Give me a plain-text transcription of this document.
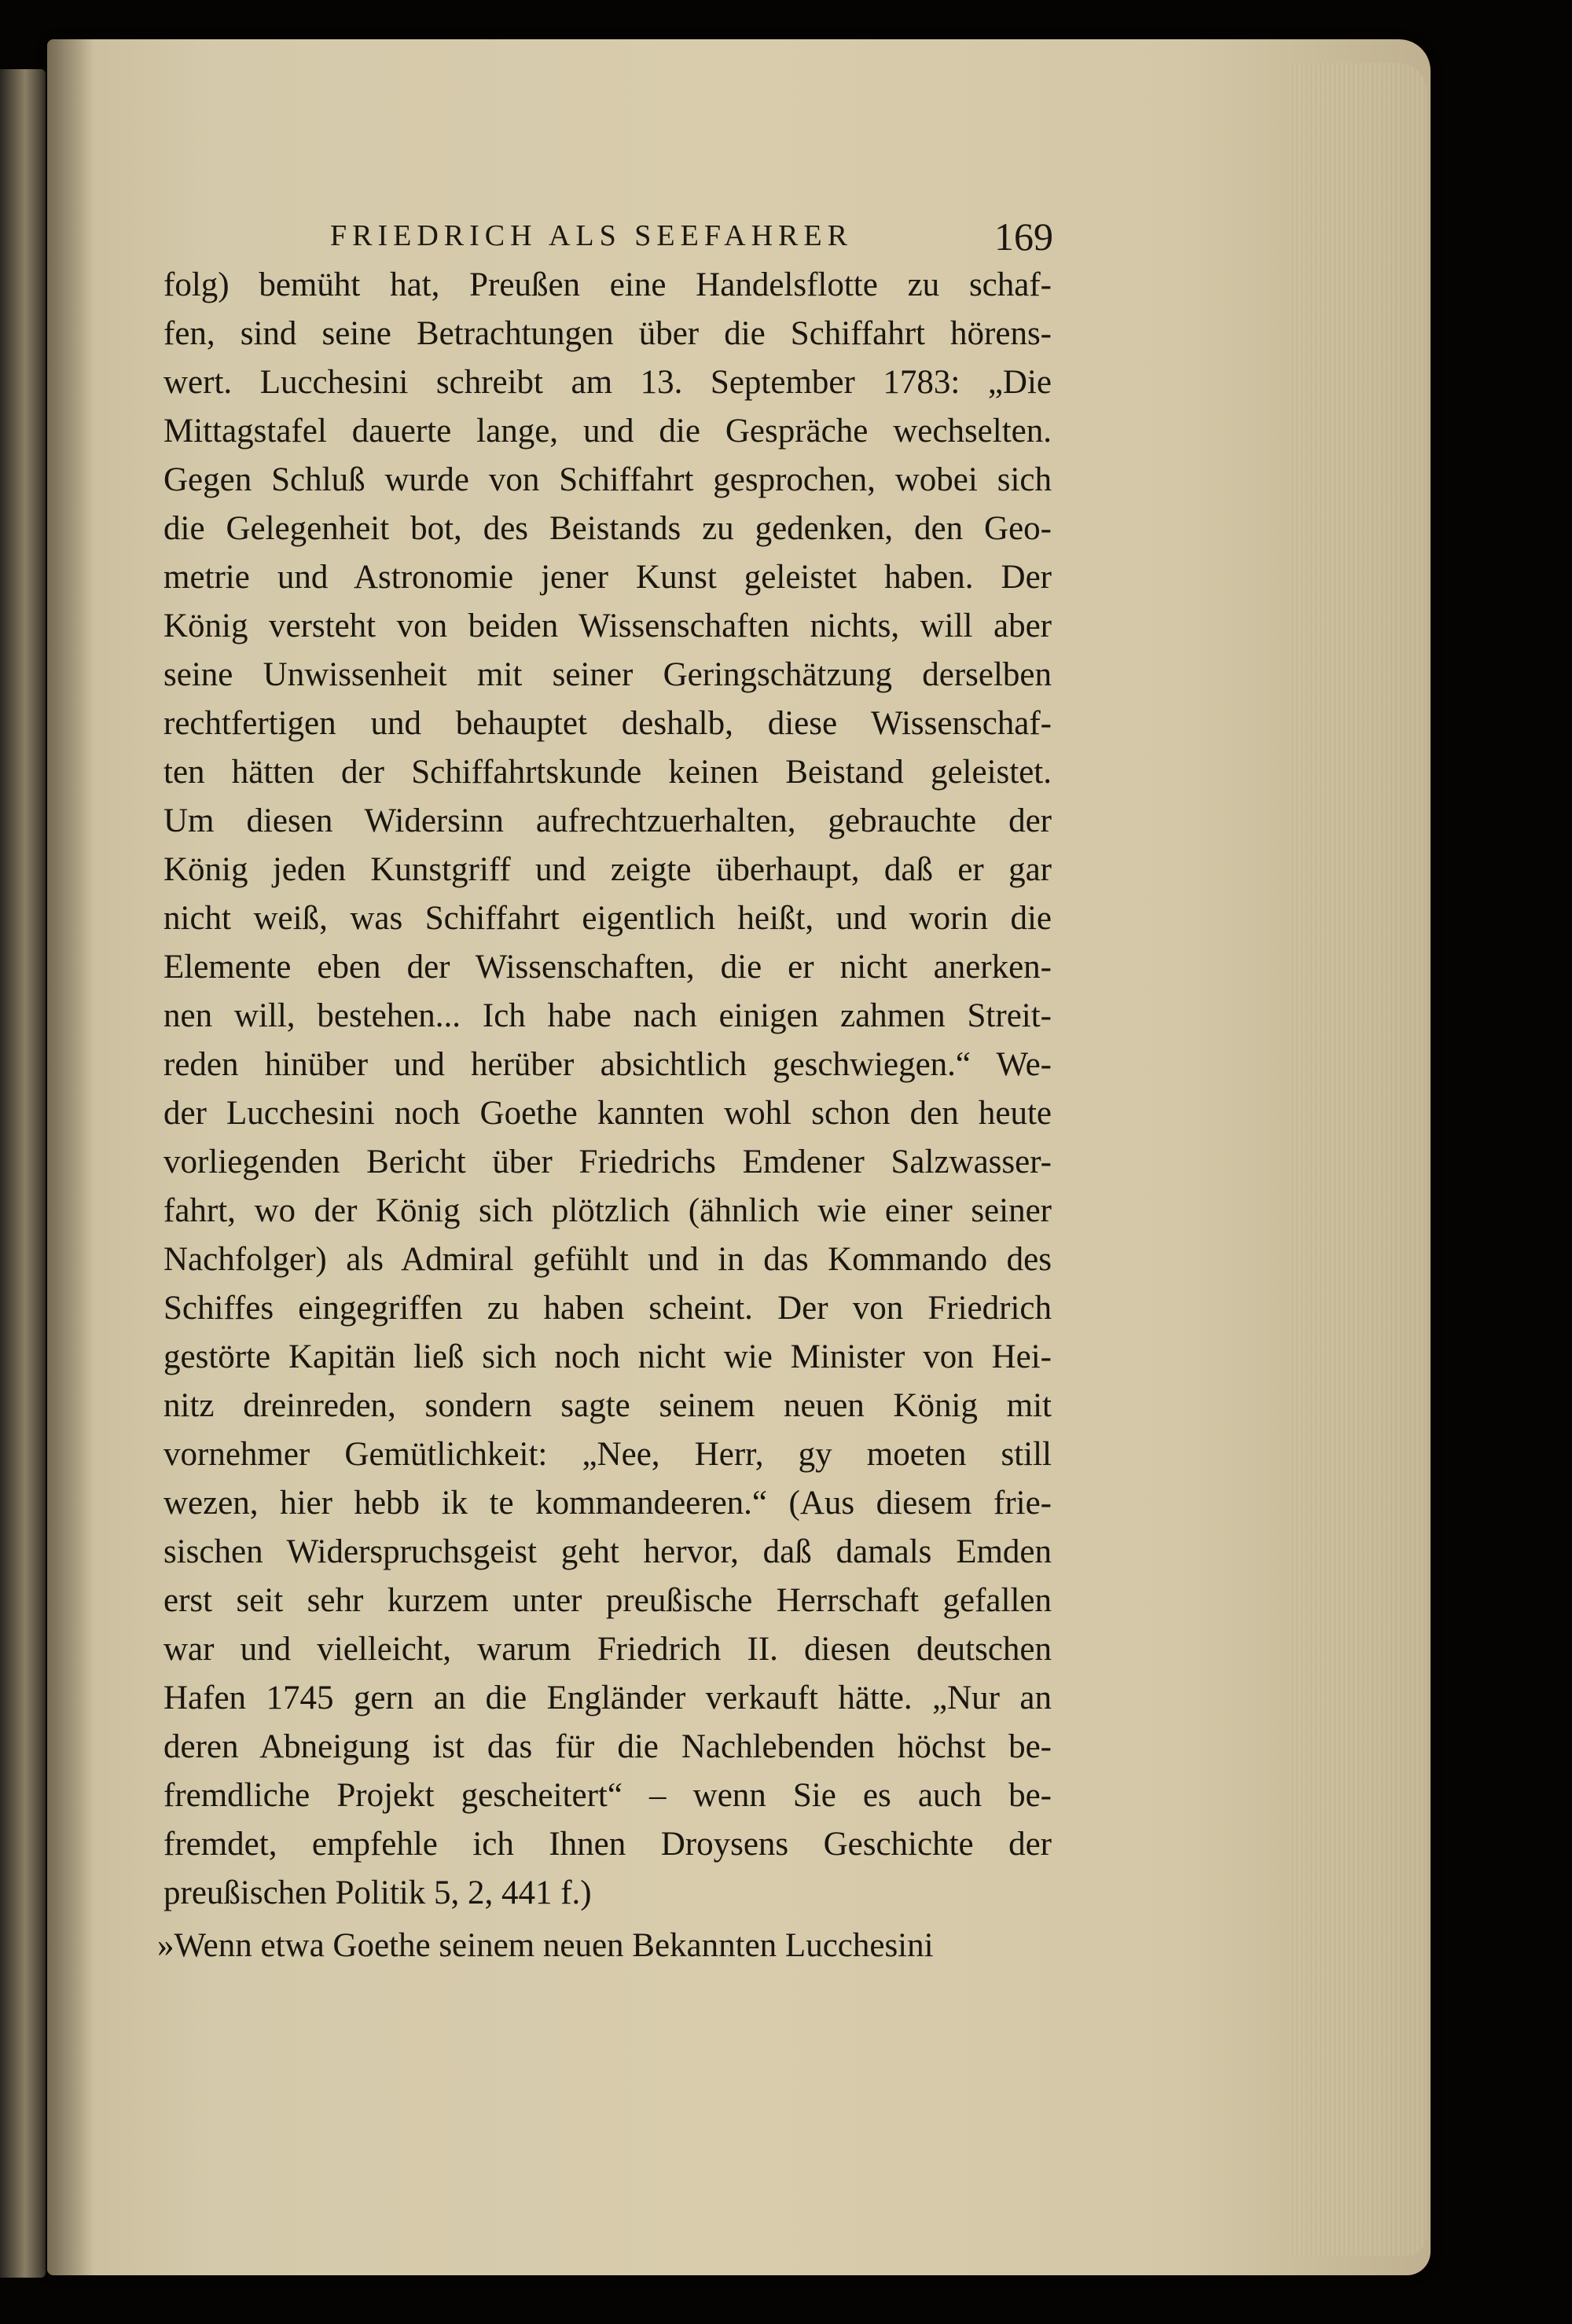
FRIEDRICH ALS SEEFAHRER	169
folg) bemüht hat, Preußen eine Handelsflotte zu schaf-
fen, sind seine Betrachtungen über die Schiffahrt hörens-
wert. Lucchesini schreibt am 13. September 1783: „Die
Mittagstafel dauerte lange, und die Gespräche wechselten.
Gegen Schluß wurde von Schiffahrt gesprochen, wobei sich
die Gelegenheit bot, des Beistands zu gedenken, den Geo-
metrie und Astronomie jener Kunst geleistet haben. Der
König versteht von beiden Wissenschaften nichts, will aber
seine Unwissenheit mit seiner Geringschätzung derselben
rechtfertigen und behauptet deshalb, diese Wissenschaf-
ten hätten der Schiffahrtskunde keinen Beistand geleistet.
Um diesen Widersinn aufrechtzuerhalten, gebrauchte der
König jeden Kunstgriff und zeigte überhaupt, daß er gar
nicht weiß, was Schiffahrt eigentlich heißt, und worin die
Elemente eben der Wissenschaften, die er nicht anerken-
nen will, bestehen... Ich habe nach einigen zahmen Streit-
reden hinüber und herüber absichtlich geschwiegen.“ We-
der Lucchesini noch Goethe kannten wohl schon den heute
vorliegenden Bericht über Friedrichs Emdener Salzwasser-
fahrt, wo der König sich plötzlich (ähnlich wie einer seiner
Nachfolger) als Admiral gefühlt und in das Kommando des
Schiffes eingegriffen zu haben scheint. Der von Friedrich
gestörte Kapitän ließ sich noch nicht wie Minister von Hei-
nitz dreinreden, sondern sagte seinem neuen König mit
vornehmer Gemütlichkeit: „Nee, Herr, gy moeten still
wezen, hier hebb ik te kommandeeren.“ (Aus diesem frie-
sischen Widerspruchsgeist geht hervor, daß damals Emden
erst seit sehr kurzem unter preußische Herrschaft gefallen
war und vielleicht, warum Friedrich II. diesen deutschen
Hafen 1745 gern an die Engländer verkauft hätte. „Nur an
deren Abneigung ist das für die Nachlebenden höchst be-
fremdliche Projekt gescheitert“ – wenn Sie es auch be-
fremdet, empfehle ich Ihnen Droysens Geschichte der
preußischen Politik 5, 2, 441 f.)
»Wenn etwa Goethe seinem neuen Bekannten Lucchesini
